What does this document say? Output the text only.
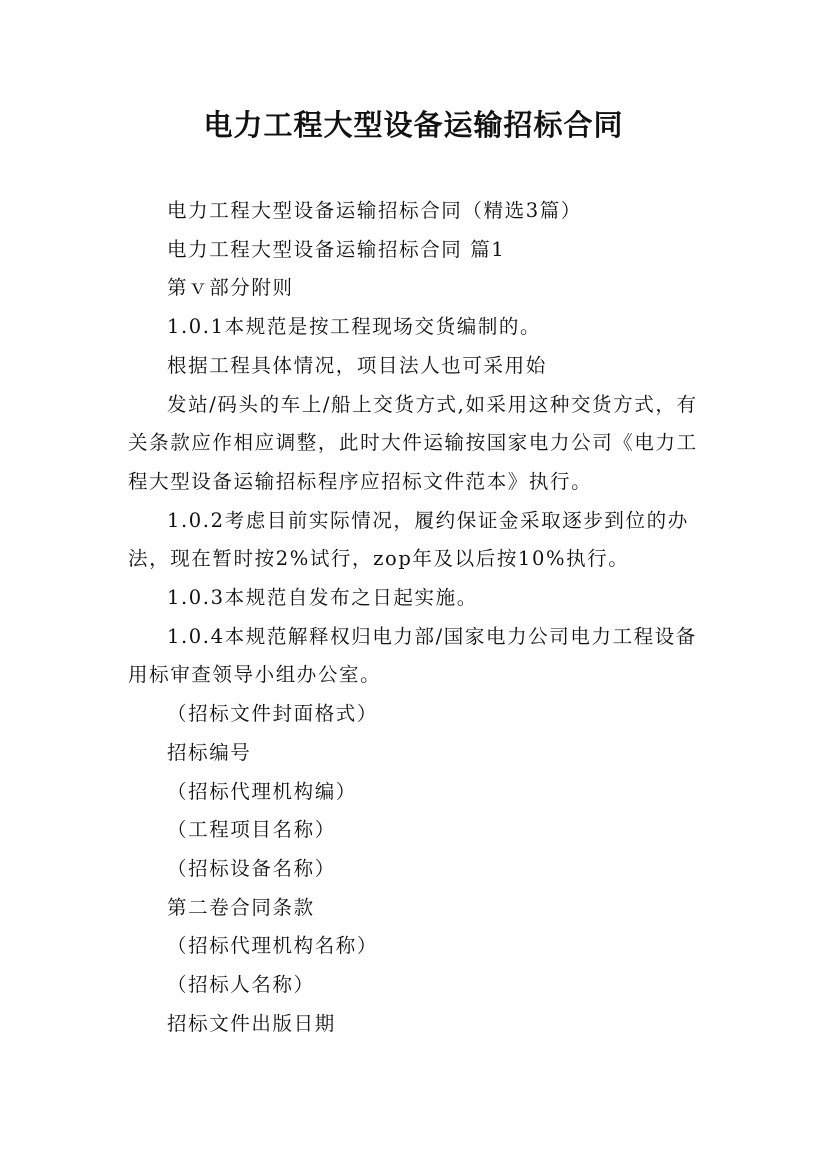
电力工程大型设备运输招标合同

电力工程大型设备运输招标合同（精选3篇）

电力工程大型设备运输招标合同 篇1

第ｖ部分附则

1.0.1本规范是按工程现场交货编制的。

根据工程具体情况，项目法人也可采用始

发站/码头的车上/船上交货方式,如采用这种交货方式，有关条款应作相应调整，此时大件运输按国家电力公司《电力工程大型设备运输招标程序应招标文件范本》执行。

1.0.2考虑目前实际情况，履约保证金采取逐步到位的办法，现在暂时按2%试行，zop年及以后按10%执行。

1.0.3本规范自发布之日起实施。

1.0.4本规范解释权归电力部/国家电力公司电力工程设备用标审查领导小组办公室。

（招标文件封面格式）

招标编号

（招标代理机构编）

（工程项目名称）

（招标设备名称）

第二卷合同条款

（招标代理机构名称）

（招标人名称）

招标文件出版日期
